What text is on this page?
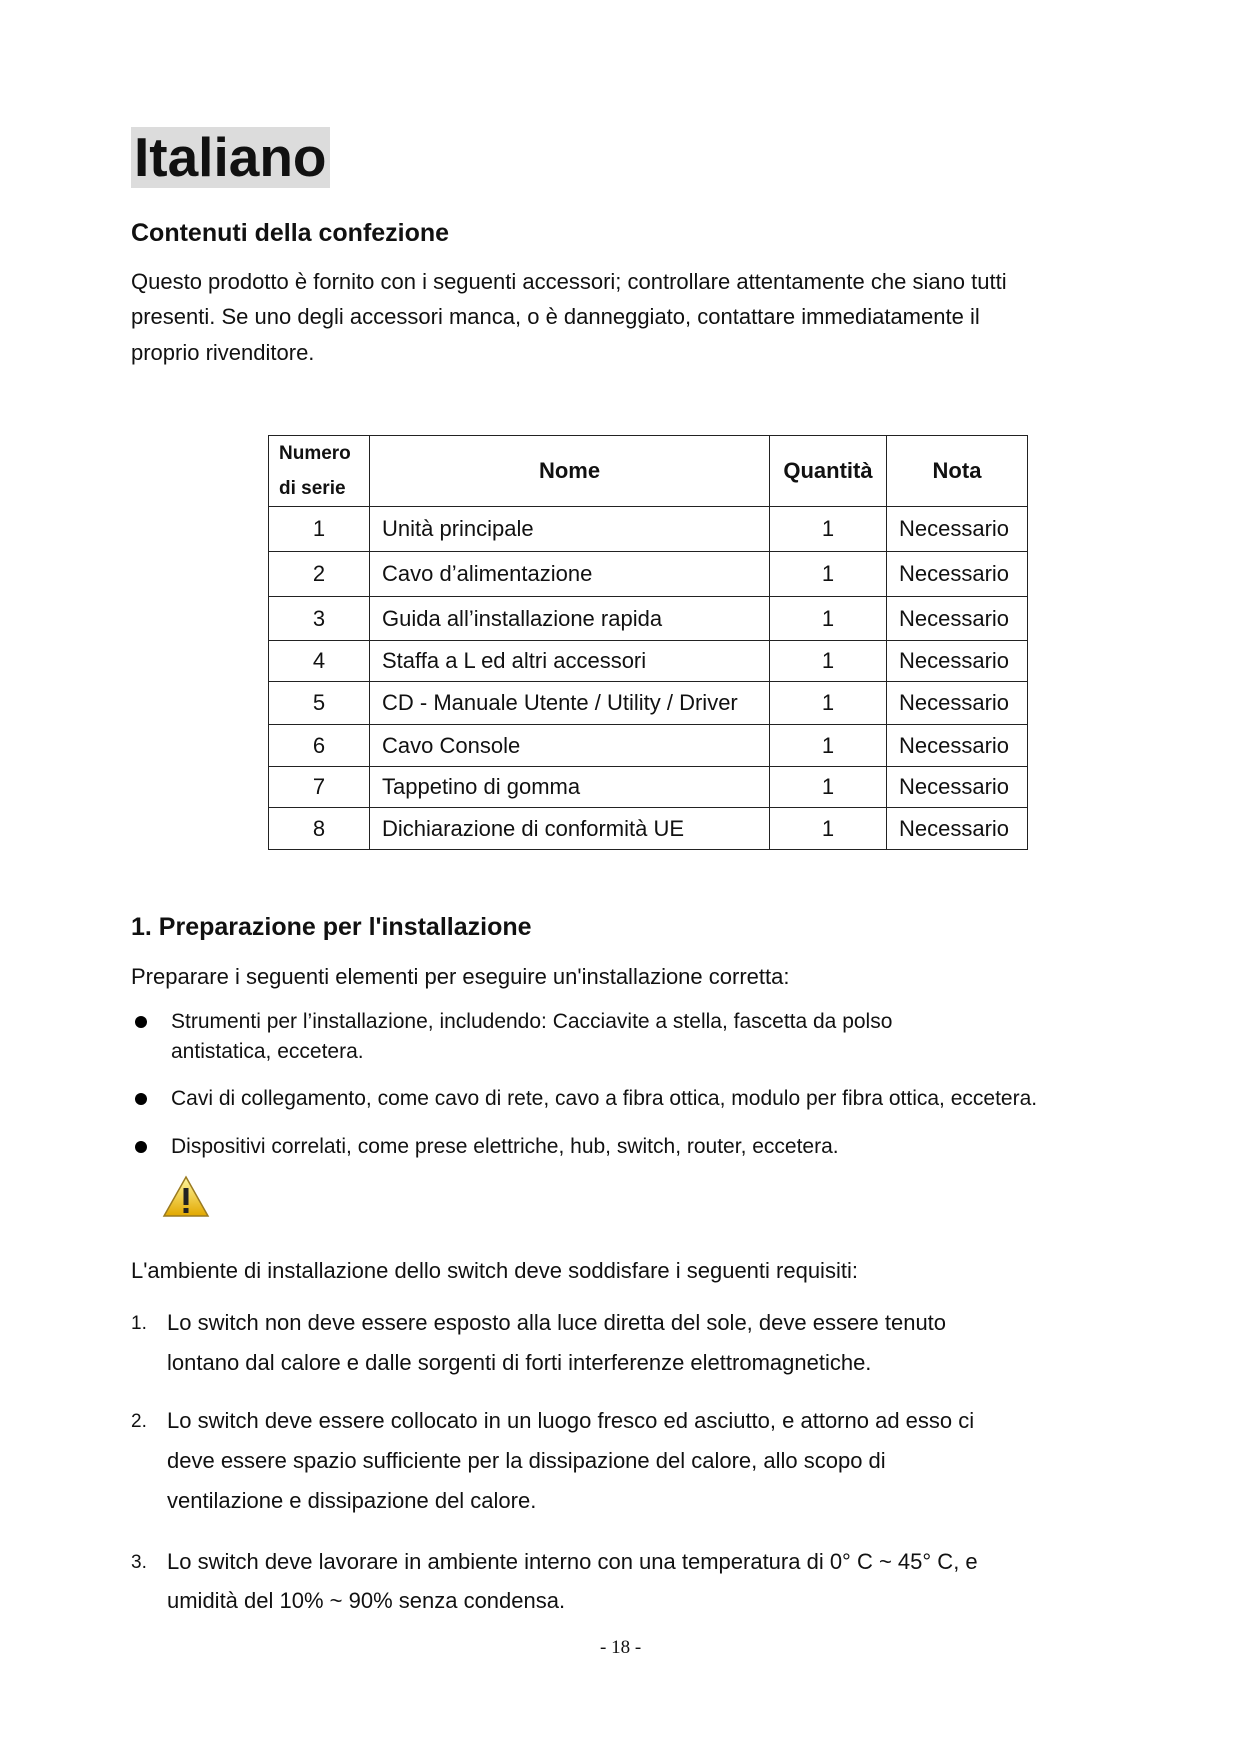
Italiano
Contenuti della confezione
Questo prodotto è fornito con i seguenti accessori; controllare attentamente che siano tutti
presenti. Se uno degli accessori manca, o è danneggiato, contattare immediatamente il
proprio rivenditore.
Numero
di serie	Nome	Quantità	Nota
1	Unità principale	1	Necessario
2	Cavo d’alimentazione	1	Necessario
3	Guida all’installazione rapida	1	Necessario
4	Staffa a L ed altri accessori	1	Necessario
5	CD - Manuale Utente / Utility / Driver	1	Necessario
6	Cavo Console	1	Necessario
7	Tappetino di gomma	1	Necessario
8	Dichiarazione di conformità UE	1	Necessario
1. Preparazione per l'installazione
Preparare i seguenti elementi per eseguire un'installazione corretta:
Strumenti per l’installazione, includendo: Cacciavite a stella, fascetta da polso
antistatica, eccetera.
Cavi di collegamento, come cavo di rete, cavo a fibra ottica, modulo per fibra ottica, eccetera.
Dispositivi correlati, come prese elettriche, hub, switch, router, eccetera.
L'ambiente di installazione dello switch deve soddisfare i seguenti requisiti:
1. Lo switch non deve essere esposto alla luce diretta del sole, deve essere tenuto
lontano dal calore e dalle sorgenti di forti interferenze elettromagnetiche.
2. Lo switch deve essere collocato in un luogo fresco ed asciutto, e attorno ad esso ci
deve essere spazio sufficiente per la dissipazione del calore, allo scopo di
ventilazione e dissipazione del calore.
3. Lo switch deve lavorare in ambiente interno con una temperatura di 0° C ~ 45° C, e
umidità del 10% ~ 90% senza condensa.
- 18 -
